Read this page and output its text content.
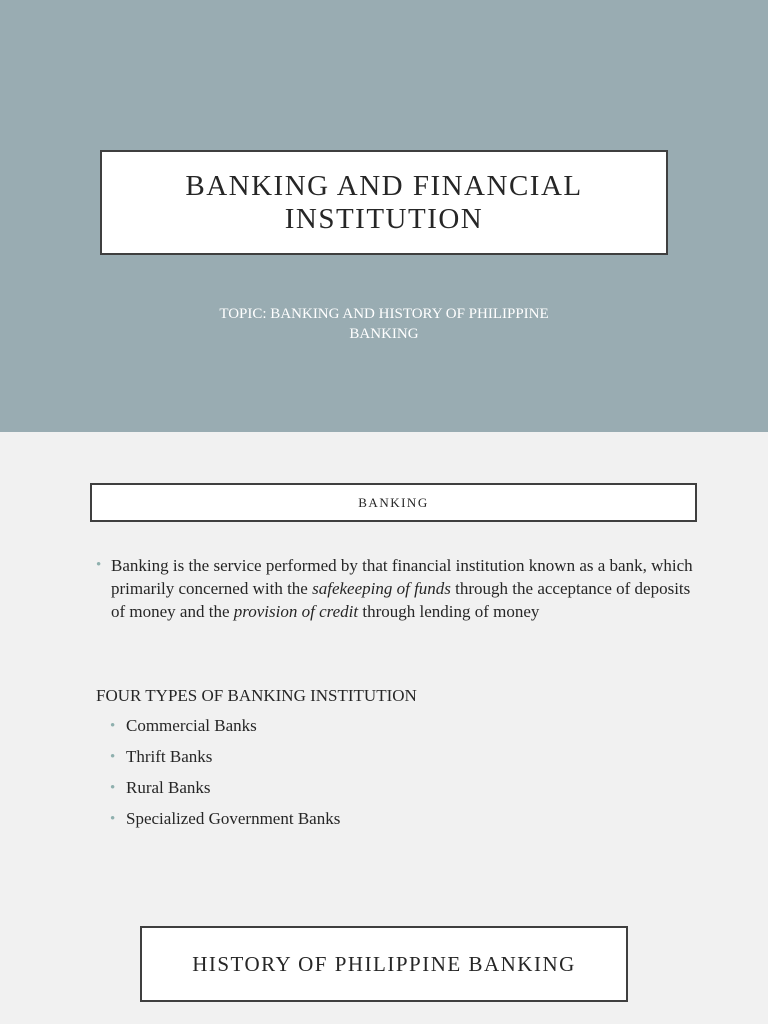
BANKING AND FINANCIAL INSTITUTION
TOPIC: BANKING AND HISTORY OF PHILIPPINE
BANKING
BANKING

• Banking is the service performed by that financial institution known as a bank, which primarily concerned with the safekeeping of funds through the acceptance of deposits of money and the provision of credit through lending of money

FOUR TYPES OF BANKING INSTITUTION
• Commercial Banks
• Thrift Banks
• Rural Banks
• Specialized Government Banks
HISTORY OF PHILIPPINE BANKING
